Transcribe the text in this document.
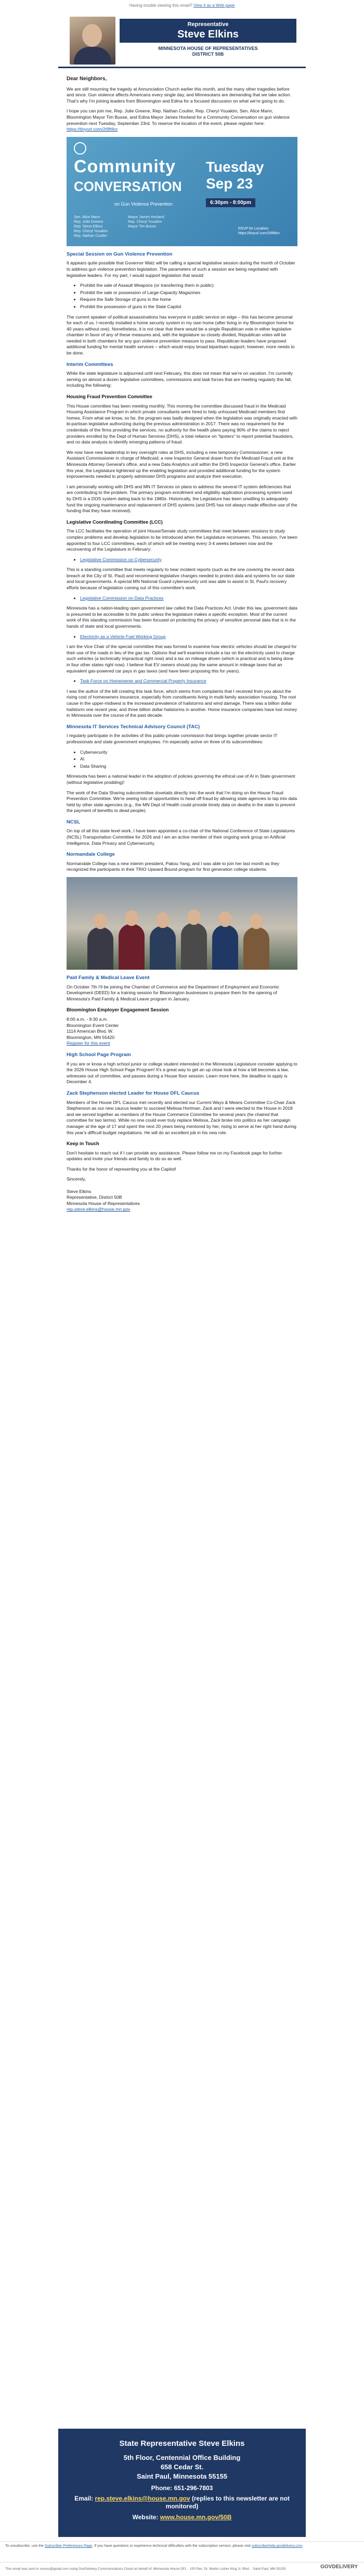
Having trouble viewing this email? View it as a Web page
Representative
Steve Elkins
MINNESOTA HOUSE OF REPRESENTATIVES
DISTRICT 50B
Dear Neighbors,

We are still mourning the tragedy at Annunciation Church earlier this month, and the many other tragedies before and since. Gun violence affects Americans every single day, and Minnesotans are demanding that we take action. That's why I'm joining leaders from Bloomington and Edina for a focused discussion on what we're going to do.

I hope you can join me, Rep. Julie Greene, Rep. Nathan Coulter, Rep. Cheryl Youakim, Sen. Alice Mann, Bloomington Mayor Tim Busse, and Edina Mayor James Hovland for a Community Conversation on gun violence prevention next Tuesday, September 23rd. To reserve the location of the event, please register here:
https://tinyurl.com/2t9ft6cr

Community
CONVERSATION
on Gun Violence Prevention
Sen. Alice Mann
Rep. Julie Greene
Rep. Steve Elkins
Rep. Cheryl Youakim
Rep. Nathan Coulter
Mayor James Hovland
Rep. Cheryl Youakim
Mayor Tim Busse
Tuesday
Sep 23
6:30pm - 8:00pm
RSVP for Location:
https://tinyurl.com/2t9ft6cr
Special Session on Gun Violence Prevention

It appears quite possible that Governor Walz will be calling a special legislative session during the month of October to address gun violence prevention legislation. The parameters of such a session are being negotiated with legislative leaders. For my part, I would support legislation that would:

• Prohibit the sale of Assault Weapons (or transferring them in public)
• Prohibit the sale or possession of Large-Capacity Magazines
• Require the Safe Storage of guns in the home
• Prohibit the possession of guns in the State Capitol

The current speaker of political assassinations has everyone in public service on edge – this has become personal for each of us. I recently installed a home security system in my own home (after living in my Bloomington home for 40 years without one). Nonetheless, it is not clear that there would be a single Republican vote in either legislative chamber in favor of any of these measures and, with the legislature so closely divided, Republican votes will be needed in both chambers for any gun violence prevention measure to pass. Republican leaders have proposed additional funding for mental health services – which would enjoy broad bipartisan support; however, more needs to be done.

Interim Committees

While the state legislature is adjourned until next February, this does not mean that we're on vacation. I'm currently serving on almost a dozen legislative committees, commissions and task forces that are meeting regularly this fall, including the following:

Housing Fraud Prevention Committee

This House committee has been meeting monthly. This morning the committee discussed fraud in the Medicaid Housing Assistance Program in which private consultants were hired to help unhoused Medicaid members find homes. From what we know, so far, the program was badly designed when the legislation was originally enacted with bi-partisan legislative authorizing during the previous administration in 2017. There was no requirement for the credentials of the firms providing the services, no authority for the health plans paying 90% of the claims to reject providers enrolled by the Dept of Human Services (DHS), a total reliance on “tipsters” to report potential fraudsters, and no data analysis to identify emerging patterns of fraud.

We now have new leadership in key oversight roles at DHS, including a new temporary Commissioner; a new Assistant Commissioner in charge of Medicaid; a new Inspector General drawn from the Medicaid Fraud unit at the Minnesota Attorney General's office, and a new Data Analytics unit within the DHS Inspector General's office. Earlier this year, the Legislature tightened up the enabling legislation and provided additional funding for the system improvements needed to properly administer DHS programs and analyze their execution.

I am personally working with DHS and MN IT Services on plans to address the several IT system deficiencies that are contributing to the problem. The primary program enrollment and eligibility application processing system used by DHS is a DOS system dating back to the 1980s. Historically, the Legislature has been unwilling to adequately fund the ongoing maintenance and replacement of DHS systems (and DHS has not always made effective use of the funding that they have received).

Legislative Coordinating Committee (LCC)

The LCC facilitates the operation of joint House/Senate study committees that meet between sessions to study complex problems and develop legislation to be introduced when the Legislature reconvenes. This session, I've been appointed to four LCC committees, each of which will be meeting every 3-4 weeks between now and the reconvening of the Legislature in February:

• Legislative Commission on Cybersecurity

This is a standing committee that meets regularly to hear incident reports (such as the one covering the recent data breach at the City of St. Paul) and recommend legislative changes needed to protect data and systems for our state and local governments. A special MN National Guard cybersecurity unit was able to assist in St. Paul's recovery efforts because of legislation coming out of this committee's work.

• Legislative Commission on Data Practices

Minnesota has a nation-leading open government law called the Data Practices Act. Under this law, government data is presumed to be accessible to the public unless the legislature makes a specific exception. Most of the current work of this standing commission has been focused on protecting the privacy of sensitive personal data that is in the hands of state and local governments.

• Electricity as a Vehicle Fuel Working Group

I am the Vice Chair of the special committee that was formed to examine how electric vehicles should be charged for their use of the roads in lieu of the gas tax. Options that we'll examine include a tax on the electricity used to charge such vehicles (a technically impractical right now) and a tax on mileage driven (which is practical and is being done in four other states right now). I believe that EV owners should pay the same amount in mileage taxes that an equivalent gas-powered car pays in gas taxes (and have been proposing this for years).

• Task Force on Homeowner and Commercial Property Insurance

I was the author of the bill creating this task force, which stems from complaints that I received from you about the rising cost of homeowners insurance, especially from constituents living in multi-family association housing. The root cause in the upper-midwest is the increased prevalence of hailstorms and wind damage. There was a billion dollar hailstorm one recent year, and three billion dollar hailstorms in another. Home insurance companies have lost money in Minnesota over the course of the past decade.

Minnesota IT Services Technical Advisory Council (TAC)

I regularly participate in the activities of this public-private commission that brings together private sector IT professionals and state government employees. I'm especially active on three of its subcommittees:

• Cybersecurity
• AI
• Data Sharing

Minnesota has been a national leader in the adoption of policies governing the ethical use of AI in State government (without legislative prodding)!

The work of the Data Sharing subcommittee dovetails directly into the work that I'm doing on the House Fraud Prevention Committee. We're seeing lots of opportunities to head off fraud by allowing state agencies to tap into data held by other state agencies (e.g., the MN Dept of Health could provide timely data on deaths in the state to prevent the payment of benefits to dead people).

NCSL

On top of all this state level work, I have been appointed a co-chair of the National Conference of State Legislatures (NCSL) Transportation Committee for 2026 and I am an active member of their ongoing work group on Artificial Intelligence, Data Privacy and Cybersecurity.

Normandale College

Normandale College has a new interim president, Pakou Yang, and I was able to join her last month as they recognized the participants in their TRIO Upward Bound program for first generation college students.

Paid Family & Medical Leave Event

On October 7th I'll be joining the Chamber of Commerce and the Department of Employment and Economic Development (DEED) for a training session for Bloomington businesses to prepare them for the opening of Minnesota's Paid Family & Medical Leave program in January.

Bloomington Employer Engagement Session

8:00 a.m. - 9:30 a.m.
Bloomington Event Center
1114 American Blvd. W.
Bloomington, MN 55420
Register for this event

High School Page Program

If you are or know a high school junior or college student interested in the Minnesota Legislature consider applying to the 2026 House High School Page Program! It's a great way to get an up close look at how a bill becomes a law, witnesses out of committee, and passes during a House floor session. Learn more here, the deadline to apply is December 4.

Zack Stephenson elected Leader for House DFL Caucus

Members of the House DFL Caucus met recently and elected our Current Ways & Means Committee Co-Chair Zack Stephenson as our new caucus leader to succeed Melissa Hortman. Zack and I were elected to the House in 2018 and we served together as members of the House Commerce Committee for several years (he chaired that committee for two terms). While no one could ever truly replace Melissa, Zack broke into politics as her campaign manager at the age of 17 and spent the next 20 years being mentored by her, rising to serve at her right hand during this year's difficult budget negotiations. He will do an excellent job in his new role.

Keep in Touch

Don't hesitate to reach out if I can provide any assistance. Please follow me on my Facebook page for further updates and invite your friends and family to do so as well.

Thanks for the honor of representing you at the Capitol!

Sincerely,

Steve Elkins
Representative, District 50B
Minnesota House of Representatives
rep.steve.elkins@house.mn.gov

State Representative Steve Elkins
5th Floor, Centennial Office Building
658 Cedar St.
Saint Paul, Minnesota 55155
Phone: 651-296-7803
Email: rep.steve.elkins@house.mn.gov (replies to this newsletter are not monitored)
Website: www.house.mn.gov/50B
To unsubscribe, use the Subscriber Preferences Page. If you have questions or experience technical difficulties with the subscription service, please visit subscriberhelp.govdelivery.com.
This email was sent to xxxxxx@gmail.com using GovDelivery Communications Cloud on behalf of: Minnesota House DFL · 100 Rev. Dr. Martin Luther King Jr. Blvd. · Saint Paul, MN 55155	GOVDELIVERY
